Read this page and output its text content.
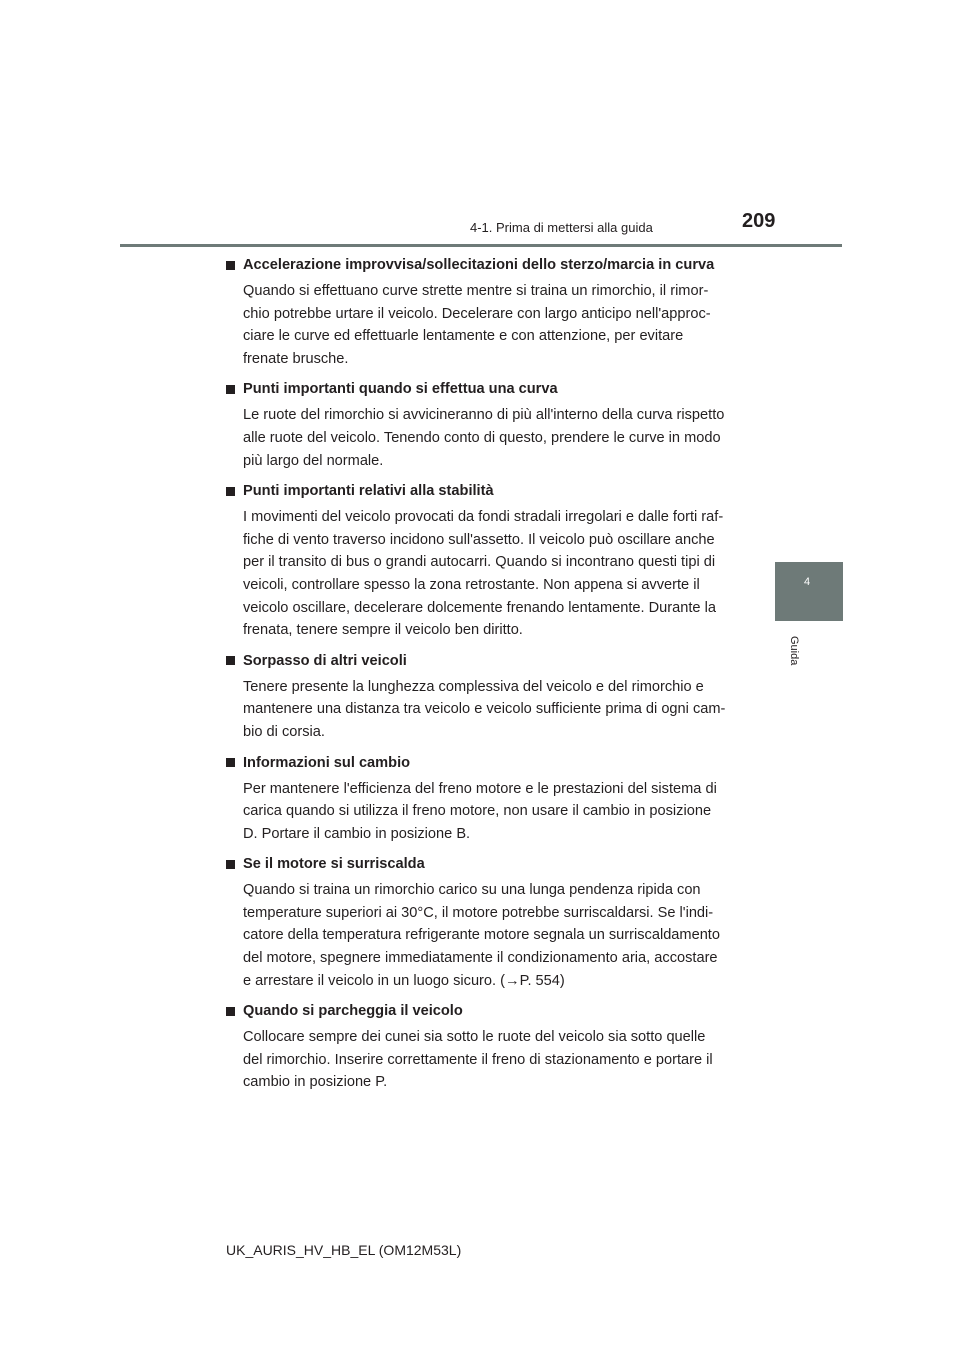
4-1. Prima di mettersi alla guida	209
4
Guida
Accelerazione improvvisa/sollecitazioni dello sterzo/marcia in curva
Quando si effettuano curve strette mentre si traina un rimorchio, il rimor-
chio potrebbe urtare il veicolo. Decelerare con largo anticipo nell'approc-
ciare le curve ed effettuarle lentamente e con attenzione, per evitare
frenate brusche.
Punti importanti quando si effettua una curva
Le ruote del rimorchio si avvicineranno di più all'interno della curva rispetto
alle ruote del veicolo. Tenendo conto di questo, prendere le curve in modo
più largo del normale.
Punti importanti relativi alla stabilità
I movimenti del veicolo provocati da fondi stradali irregolari e dalle forti raf-
fiche di vento traverso incidono sull'assetto. Il veicolo può oscillare anche
per il transito di bus o grandi autocarri. Quando si incontrano questi tipi di
veicoli, controllare spesso la zona retrostante. Non appena si avverte il
veicolo oscillare, decelerare dolcemente frenando lentamente. Durante la
frenata, tenere sempre il veicolo ben diritto.
Sorpasso di altri veicoli
Tenere presente la lunghezza complessiva del veicolo e del rimorchio e
mantenere una distanza tra veicolo e veicolo sufficiente prima di ogni cam-
bio di corsia.
Informazioni sul cambio
Per mantenere l'efficienza del freno motore e le prestazioni del sistema di
carica quando si utilizza il freno motore, non usare il cambio in posizione
D. Portare il cambio in posizione B.
Se il motore si surriscalda
Quando si traina un rimorchio carico su una lunga pendenza ripida con
temperature superiori ai 30°C, il motore potrebbe surriscaldarsi. Se l'indi-
catore della temperatura refrigerante motore segnala un surriscaldamento
del motore, spegnere immediatamente il condizionamento aria, accostare
e arrestare il veicolo in un luogo sicuro. (→P. 554)
Quando si parcheggia il veicolo
Collocare sempre dei cunei sia sotto le ruote del veicolo sia sotto quelle
del rimorchio. Inserire correttamente il freno di stazionamento e portare il
cambio in posizione P.
UK_AURIS_HV_HB_EL (OM12M53L)
